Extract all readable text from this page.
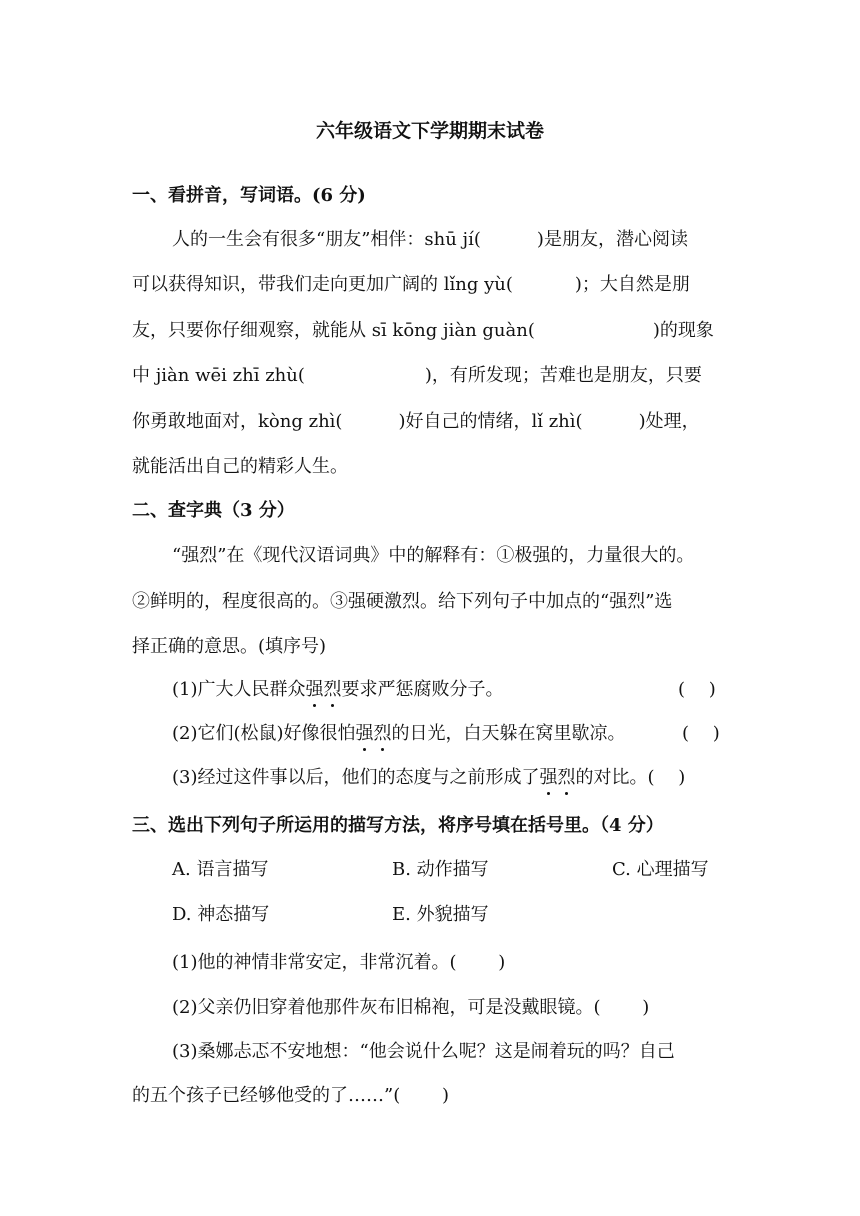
六年级语文下学期期末试卷
一、看拼音，写词语。(6 分)
人的一生会有很多“朋友”相伴：shū jí(	)是朋友，潜心阅读
可以获得知识，带我们走向更加广阔的 lǐng yù(	)；大自然是朋
友，只要你仔细观察，就能从 sī kōng jiàn guàn(	)的现象
中 jiàn wēi zhī zhù(	)，有所发现；苦难也是朋友，只要
你勇敢地面对，kòng zhì(	)好自己的情绪，lǐ zhì(	)处理，
就能活出自己的精彩人生。
二、查字典（3 分）
“强烈”在《现代汉语词典》中的解释有：①极强的，力量很大的。
②鲜明的，程度很高的。③强硬激烈。给下列句子中加点的“强烈”选
择正确的意思。(填序号)
(1)广大人民群众强烈要求严惩腐败分子。	(　 )
(2)它们(松鼠)好像很怕强烈的日光，白天躲在窝里歇凉。	(　 )
(3)经过这件事以后，他们的态度与之前形成了强烈的对比。(　 )
三、选出下列句子所运用的描写方法，将序号填在括号里。（4 分）
A. 语言描写	B. 动作描写	C. 心理描写
D. 神态描写	E. 外貌描写
(1)他的神情非常安定，非常沉着。(　　 )
(2)父亲仍旧穿着他那件灰布旧棉袍，可是没戴眼镜。(　　 )
(3)桑娜忐忑不安地想：“他会说什么呢？这是闹着玩的吗？自己
的五个孩子已经够他受的了……”(　　 )
